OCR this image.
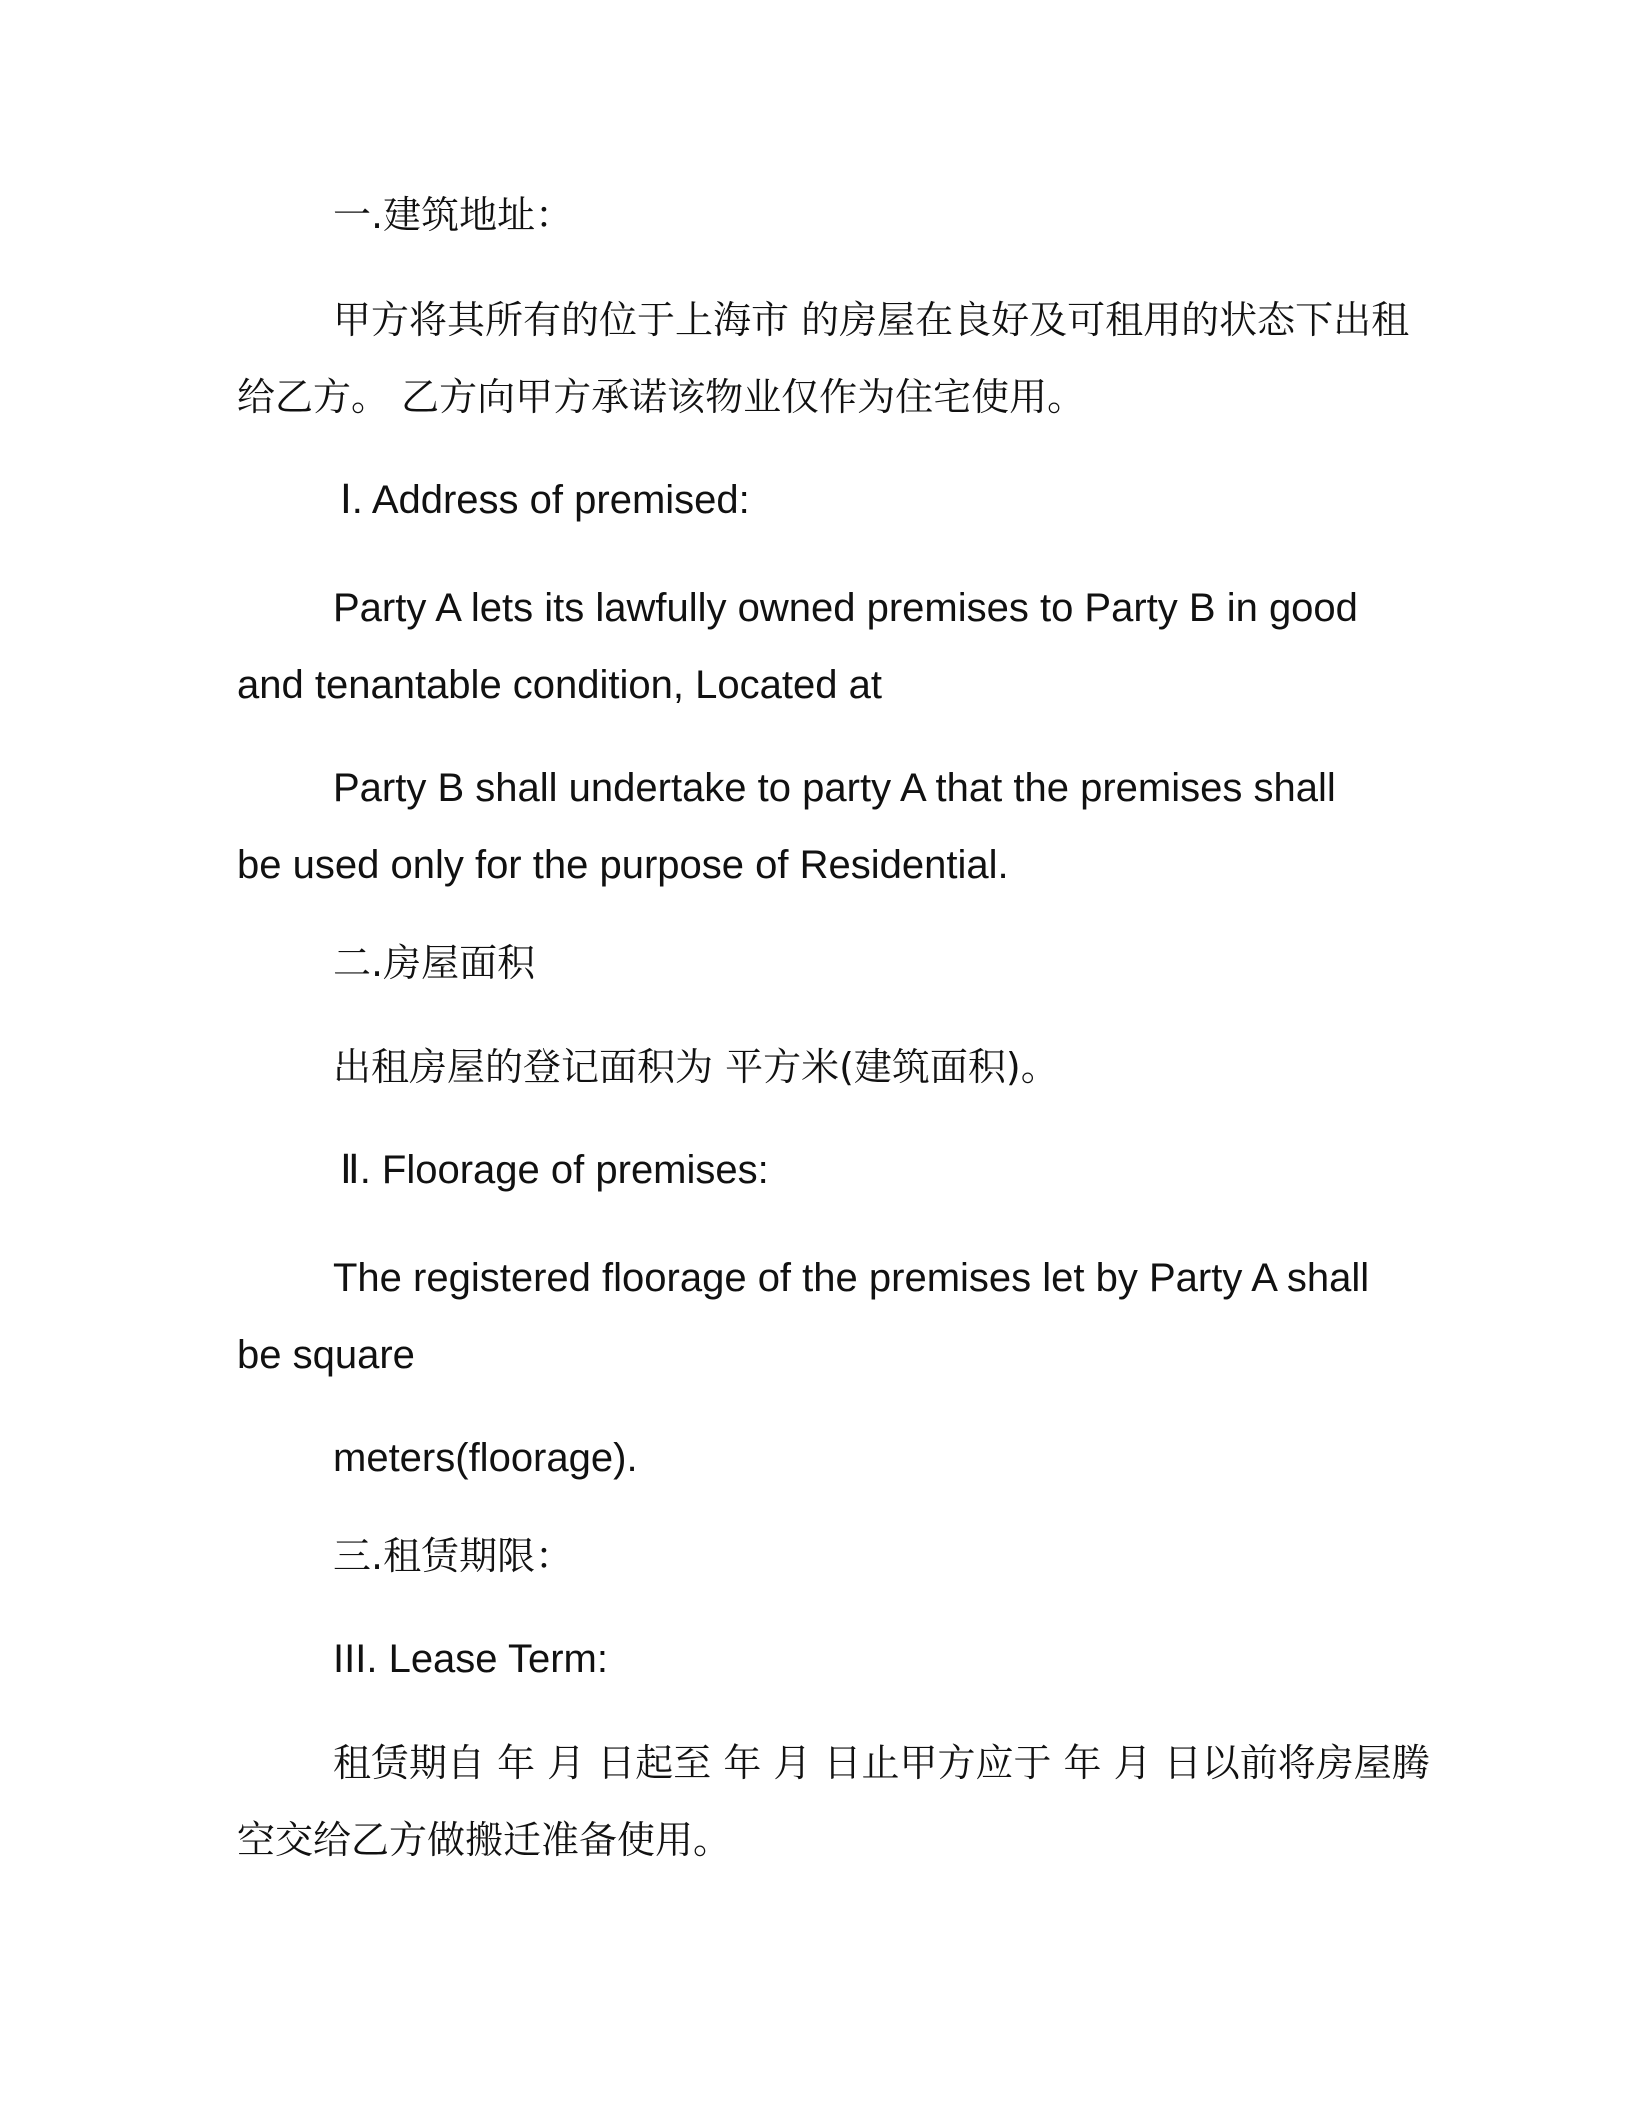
一.建筑地址：
甲方将其所有的位于上海市 的房屋在良好及可租用的状态下出租
给乙方。 乙方向甲方承诺该物业仅作为住宅使用。
Ⅰ. Address of premised:
Party A lets its lawfully owned premises to Party B in good
and tenantable condition, Located at
Party B shall undertake to party A that the premises shall
be used only for the purpose of Residential.
二.房屋面积
出租房屋的登记面积为 平方米(建筑面积)。
Ⅱ. Floorage of premises:
The registered floorage of the premises let by Party A shall
be square
meters(floorage).
三.租赁期限：
III. Lease Term:
租赁期自 年 月 日起至 年 月 日止甲方应于 年 月 日以前将房屋腾
空交给乙方做搬迁准备使用。
